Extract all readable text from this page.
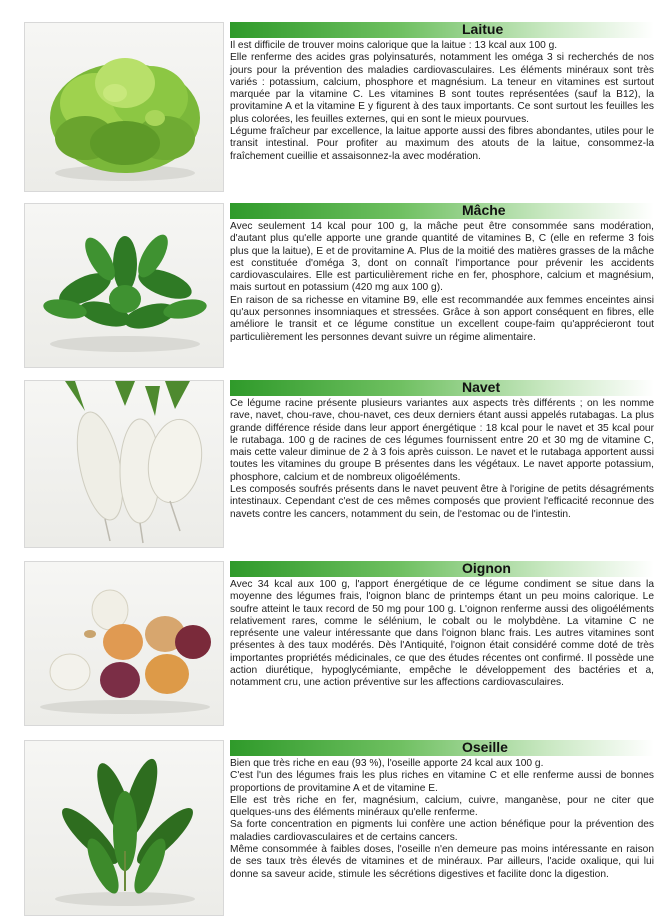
Laitue

Il est difficile de trouver moins calorique que la laitue : 13 kcal aux 100 g.

Elle renferme des acides gras polyinsaturés, notamment les oméga 3 si recherchés de nos jours pour la prévention des maladies cardiovasculaires. Les éléments minéraux sont très variés : potassium, calcium, phosphore et magnésium. La teneur en vitamines est surtout marquée par la vitamine C. Les vitamines B sont toutes représentées (sauf la B12), la provitamine A et la vitamine E y figurent à des taux importants. Ce sont surtout les feuilles les plus colorées, les feuilles externes, qui en sont le mieux pourvues.

Légume fraîcheur par excellence, la laitue apporte aussi des fibres abondantes, utiles pour le transit intestinal. Pour profiter au maximum des atouts de la laitue, consommez-la fraîchement cueillie et assaisonnez-la avec modération.

Mâche

Avec seulement 14 kcal pour 100 g, la mâche peut être consommée sans modération, d'autant plus qu'elle apporte une grande quantité de vitamines B, C (elle en referme 3 fois plus que la laitue), E et de provitamine A. Plus de la moitié des matières grasses de la mâche est constituée d'oméga 3, dont on connaît l'importance pour prévenir les accidents cardiovasculaires. Elle est particulièrement riche en fer, phosphore, calcium et magnésium, mais surtout en potassium (420 mg aux 100 g).

En raison de sa richesse en vitamine B9, elle est recommandée aux femmes enceintes ainsi qu'aux personnes insomniaques et stressées. Grâce à son apport conséquent en fibres, elle améliore le transit et ce légume constitue un excellent coupe-faim qu'apprécieront tout particulièrement les personnes devant suivre un régime alimentaire.

Navet

Ce légume racine présente plusieurs variantes aux aspects très différents ; on les nomme rave, navet, chou-rave, chou-navet, ces deux derniers étant aussi appelés rutabagas. La plus grande différence réside dans leur apport énergétique : 18 kcal pour le navet et 35 kcal pour le rutabaga. 100 g de racines de ces légumes fournissent entre 20 et 30 mg de vitamine C, mais cette valeur diminue de 2 à 3 fois après cuisson. Le navet et le rutabaga apportent aussi toutes les vitamines du groupe B présentes dans les végétaux. Le navet apporte potassium, phosphore, calcium et de nombreux oligoéléments.

Les composés soufrés présents dans le navet peuvent être à l'origine de petits désagréments intestinaux. Cependant c'est de ces mêmes composés que provient l'efficacité reconnue des navets contre les cancers, notamment du sein, de l'estomac ou de l'intestin.

Oignon

Avec 34 kcal aux 100 g, l'apport énergétique de ce légume condiment se situe dans la moyenne des légumes frais, l'oignon blanc de printemps étant un peu moins calorique. Le soufre atteint le taux record de 50 mg pour 100 g. L'oignon renferme aussi des oligoéléments relativement rares, comme le sélénium, le cobalt ou le molybdène. La vitamine C ne représente une valeur intéressante que dans l'oignon blanc frais. Les autres vitamines sont présentes à des taux modérés. Dès l'Antiquité, l'oignon était considéré comme doté de très importantes propriétés médicinales, ce que des études récentes ont confirmé. Il possède une action diurétique, hypoglycémiante, empêche le développement des bactéries et a, notamment cru, une action préventive sur les affections cardiovasculaires.

Oseille

Bien que très riche en eau (93 %), l'oseille apporte 24 kcal aux 100 g.

C'est l'un des légumes frais les plus riches en vitamine C et elle renferme aussi de bonnes proportions de provitamine A et de vitamine E.

Elle est très riche en fer, magnésium, calcium, cuivre, manganèse, pour ne citer que quelques-uns des éléments minéraux qu'elle renferme.

Sa forte concentration en pigments lui confère une action bénéfique pour la prévention des maladies cardiovasculaires et de certains cancers.

Même consommée à faibles doses, l'oseille n'en demeure pas moins intéressante en raison de ses taux très élevés de vitamines et de minéraux. Par ailleurs, l'acide oxalique, qui lui donne sa saveur acide, stimule les sécrétions digestives et facilite donc la digestion.
